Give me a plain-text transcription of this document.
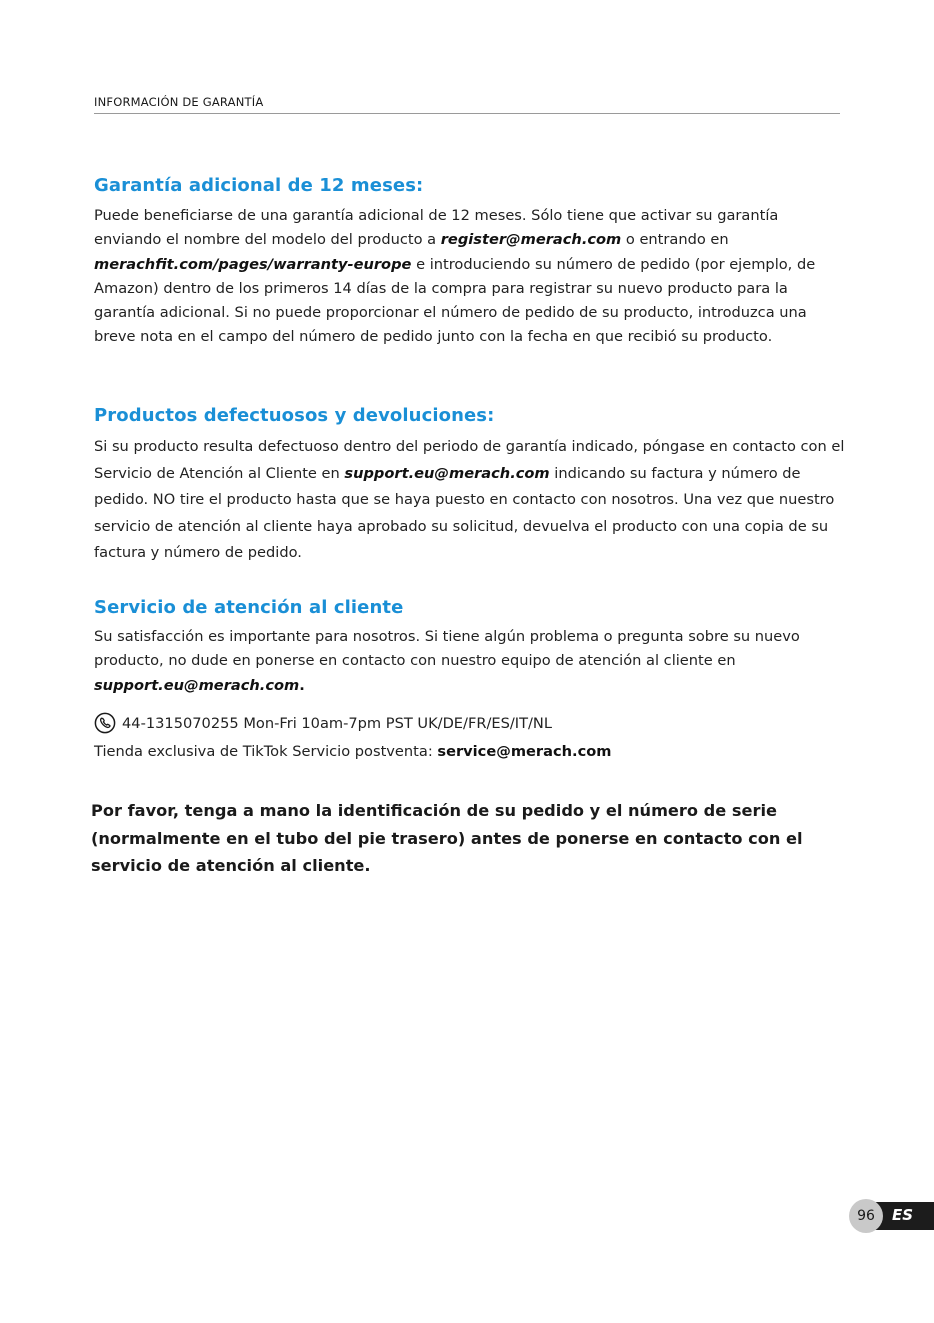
INFORMACIÓN DE GARANTÍA
Garantía adicional de 12 meses:

Puede beneficiarse de una garantía adicional de 12 meses. Sólo tiene que activar su garantía enviando el nombre del modelo del producto a register@merach.com o entrando en merachfit.com/pages/warranty-europe e introduciendo su número de pedido (por ejemplo, de Amazon) dentro de los primeros 14 días de la compra para registrar su nuevo producto para la garantía adicional. Si no puede proporcionar el número de pedido de su producto, introduzca una breve nota en el campo del número de pedido junto con la fecha en que recibió su producto.

Productos defectuosos y devoluciones:

Si su producto resulta defectuoso dentro del periodo de garantía indicado, póngase en contacto con el Servicio de Atención al Cliente en support.eu@merach.com indicando su factura y número de pedido. NO tire el producto hasta que se haya puesto en contacto con nosotros. Una vez que nuestro servicio de atención al cliente haya aprobado su solicitud, devuelva el producto con una copia de su factura y número de pedido.

Servicio de atención al cliente

Su satisfacción es importante para nosotros. Si tiene algún problema o pregunta sobre su nuevo producto, no dude en ponerse en contacto con nuestro equipo de atención al cliente en support.eu@merach.com.

44-1315070255 Mon-Fri 10am-7pm PST UK/DE/FR/ES/IT/NL
Tienda exclusiva de TikTok Servicio postventa: service@merach.com

Por favor, tenga a mano la identificación de su pedido y el número de serie (normalmente en el tubo del pie trasero) antes de ponerse en contacto con el servicio de atención al cliente.

ES
96
